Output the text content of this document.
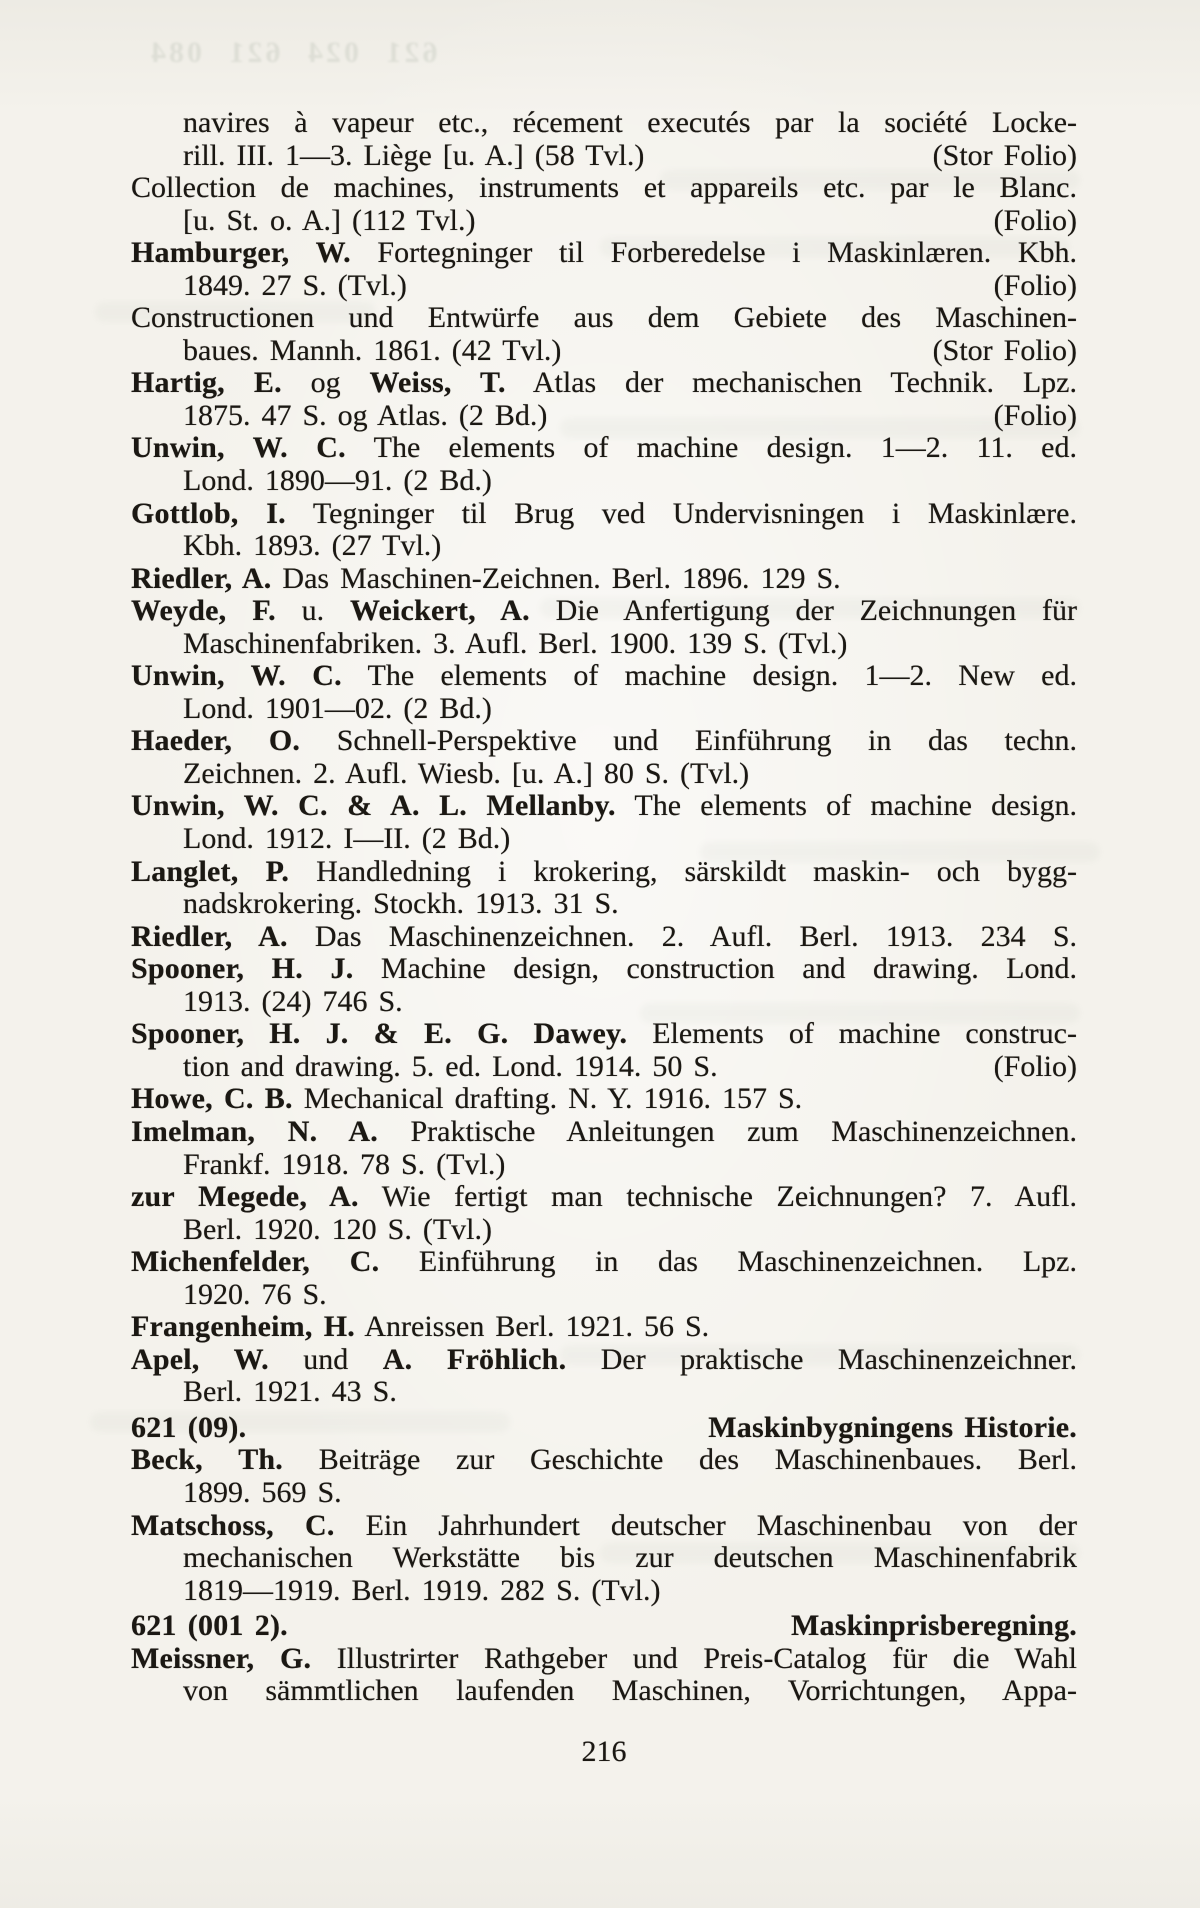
621 024 621 084
navires à vapeur etc., récement executés par la société Locke-
rill. III. 1—3. Liège [u. A.] (58 Tvl.)	(Stor Folio)
Collection de machines, instruments et appareils etc. par le Blanc.
[u. St. o. A.] (112 Tvl.)	(Folio)
Hamburger, W. Fortegninger til Forberedelse i Maskinlæren. Kbh.
1849. 27 S. (Tvl.)	(Folio)
Constructionen und Entwürfe aus dem Gebiete des Maschinen-
baues. Mannh. 1861. (42 Tvl.)	(Stor Folio)
Hartig, E. og Weiss, T. Atlas der mechanischen Technik. Lpz.
1875. 47 S. og Atlas. (2 Bd.)	(Folio)
Unwin, W. C. The elements of machine design. 1—2. 11. ed.
Lond. 1890—91. (2 Bd.)
Gottlob, I. Tegninger til Brug ved Undervisningen i Maskinlære.
Kbh. 1893. (27 Tvl.)
Riedler, A. Das Maschinen-Zeichnen. Berl. 1896. 129 S.
Weyde, F. u. Weickert, A. Die Anfertigung der Zeichnungen für
Maschinenfabriken. 3. Aufl. Berl. 1900. 139 S. (Tvl.)
Unwin, W. C. The elements of machine design. 1—2. New ed.
Lond. 1901—02. (2 Bd.)
Haeder, O. Schnell-Perspektive und Einführung in das techn.
Zeichnen. 2. Aufl. Wiesb. [u. A.] 80 S. (Tvl.)
Unwin, W. C. & A. L. Mellanby. The elements of machine design.
Lond. 1912. I—II. (2 Bd.)
Langlet, P. Handledning i krokering, särskildt maskin- och bygg-
nadskrokering. Stockh. 1913. 31 S.
Riedler, A. Das Maschinenzeichnen. 2. Aufl. Berl. 1913. 234 S.
Spooner, H. J. Machine design, construction and drawing. Lond.
1913. (24) 746 S.
Spooner, H. J. & E. G. Dawey. Elements of machine construc-
tion and drawing. 5. ed. Lond. 1914. 50 S.	(Folio)
Howe, C. B. Mechanical drafting. N. Y. 1916. 157 S.
Imelman, N. A. Praktische Anleitungen zum Maschinenzeichnen.
Frankf. 1918. 78 S. (Tvl.)
zur Megede, A. Wie fertigt man technische Zeichnungen? 7. Aufl.
Berl. 1920. 120 S. (Tvl.)
Michenfelder, C. Einführung in das Maschinenzeichnen. Lpz.
1920. 76 S.
Frangenheim, H. Anreissen Berl. 1921. 56 S.
Apel, W. und A. Fröhlich. Der praktische Maschinenzeichner.
Berl. 1921. 43 S.
621 (09).	Maskinbygningens Historie.
Beck, Th. Beiträge zur Geschichte des Maschinenbaues. Berl.
1899. 569 S.
Matschoss, C. Ein Jahrhundert deutscher Maschinenbau von der
mechanischen Werkstätte bis zur deutschen Maschinenfabrik
1819—1919. Berl. 1919. 282 S. (Tvl.)
621 (001 2).	Maskinprisberegning.
Meissner, G. Illustrirter Rathgeber und Preis-Catalog für die Wahl
von sämmtlichen laufenden Maschinen, Vorrichtungen, Appa-
216
